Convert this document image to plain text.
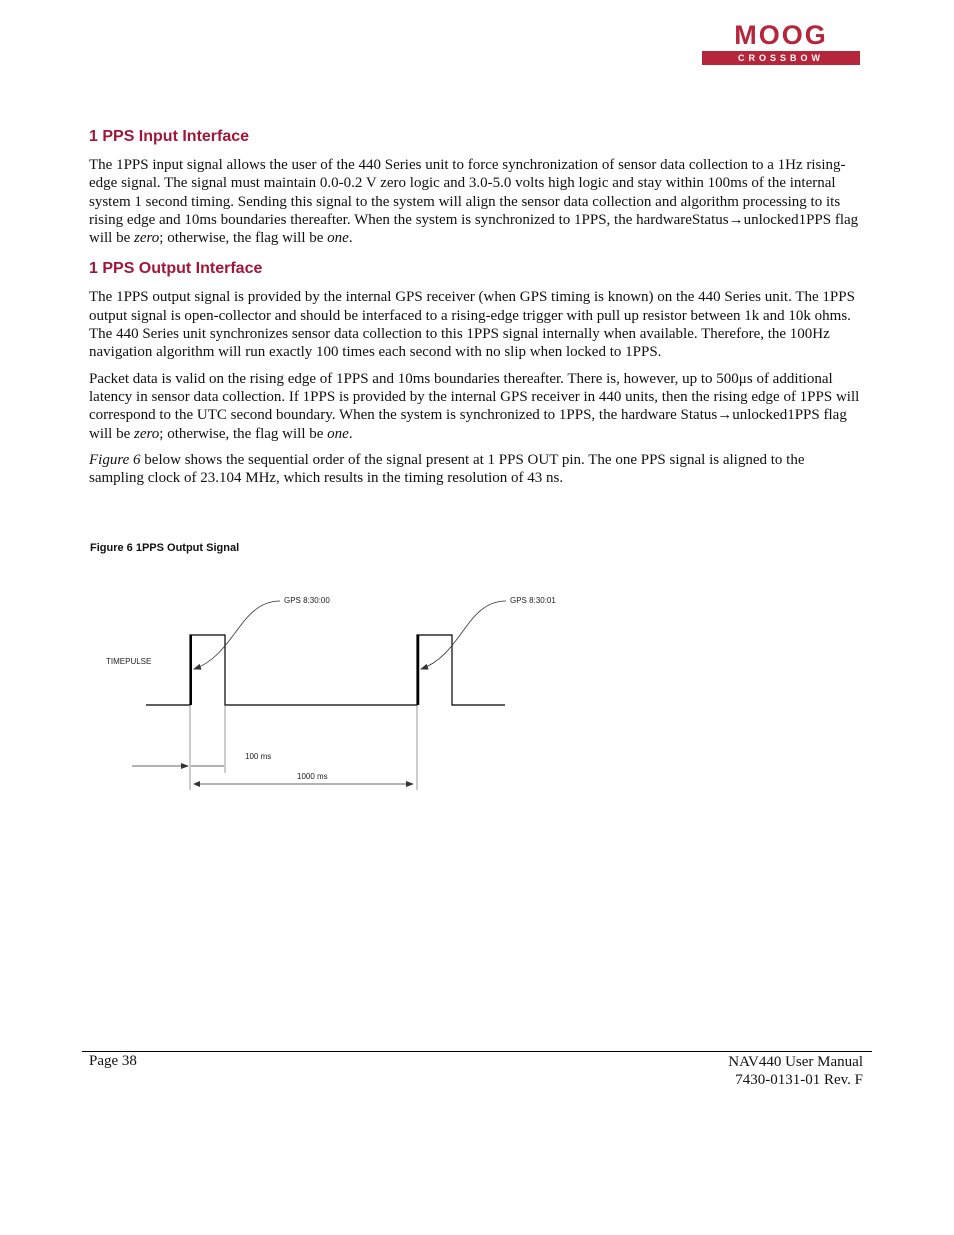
MOOG
CROSSBOW
1 PPS Input Interface

The 1PPS input signal allows the user of the 440 Series unit to force synchronization of sensor data collection to a 1Hz rising-edge signal. The signal must maintain 0.0-0.2 V zero logic and 3.0-5.0 volts high logic and stay within 100ms of the internal system 1 second timing. Sending this signal to the system will align the sensor data collection and algorithm processing to its rising edge and 10ms boundaries thereafter. When the system is synchronized to 1PPS, the hardwareStatus→unlocked1PPS flag will be zero; otherwise, the flag will be one.

1 PPS Output Interface

The 1PPS output signal is provided by the internal GPS receiver (when GPS timing is known) on the 440 Series unit. The 1PPS output signal is open-collector and should be interfaced to a rising-edge trigger with pull up resistor between 1k and 10k ohms. The 440 Series unit synchronizes sensor data collection to this 1PPS signal internally when available. Therefore, the 100Hz navigation algorithm will run exactly 100 times each second with no slip when locked to 1PPS.

Packet data is valid on the rising edge of 1PPS and 10ms boundaries thereafter. There is, however, up to 500μs of additional latency in sensor data collection. If 1PPS is provided by the internal GPS receiver in 440 units, then the rising edge of 1PPS will correspond to the UTC second boundary. When the system is synchronized to 1PPS, the hardware Status→unlocked1PPS flag will be zero; otherwise, the flag will be one.

Figure 6 below shows the sequential order of the signal present at 1 PPS OUT pin. The one PPS signal is aligned to the sampling clock of 23.104 MHz, which results in the timing resolution of 43 ns.

Figure 6 1PPS Output Signal
TIMEPULSE
GPS 8:30:00	GPS 8:30:01
100 ms
1000 ms
Page 38	NAV440 User Manual
7430-0131-01 Rev. F
